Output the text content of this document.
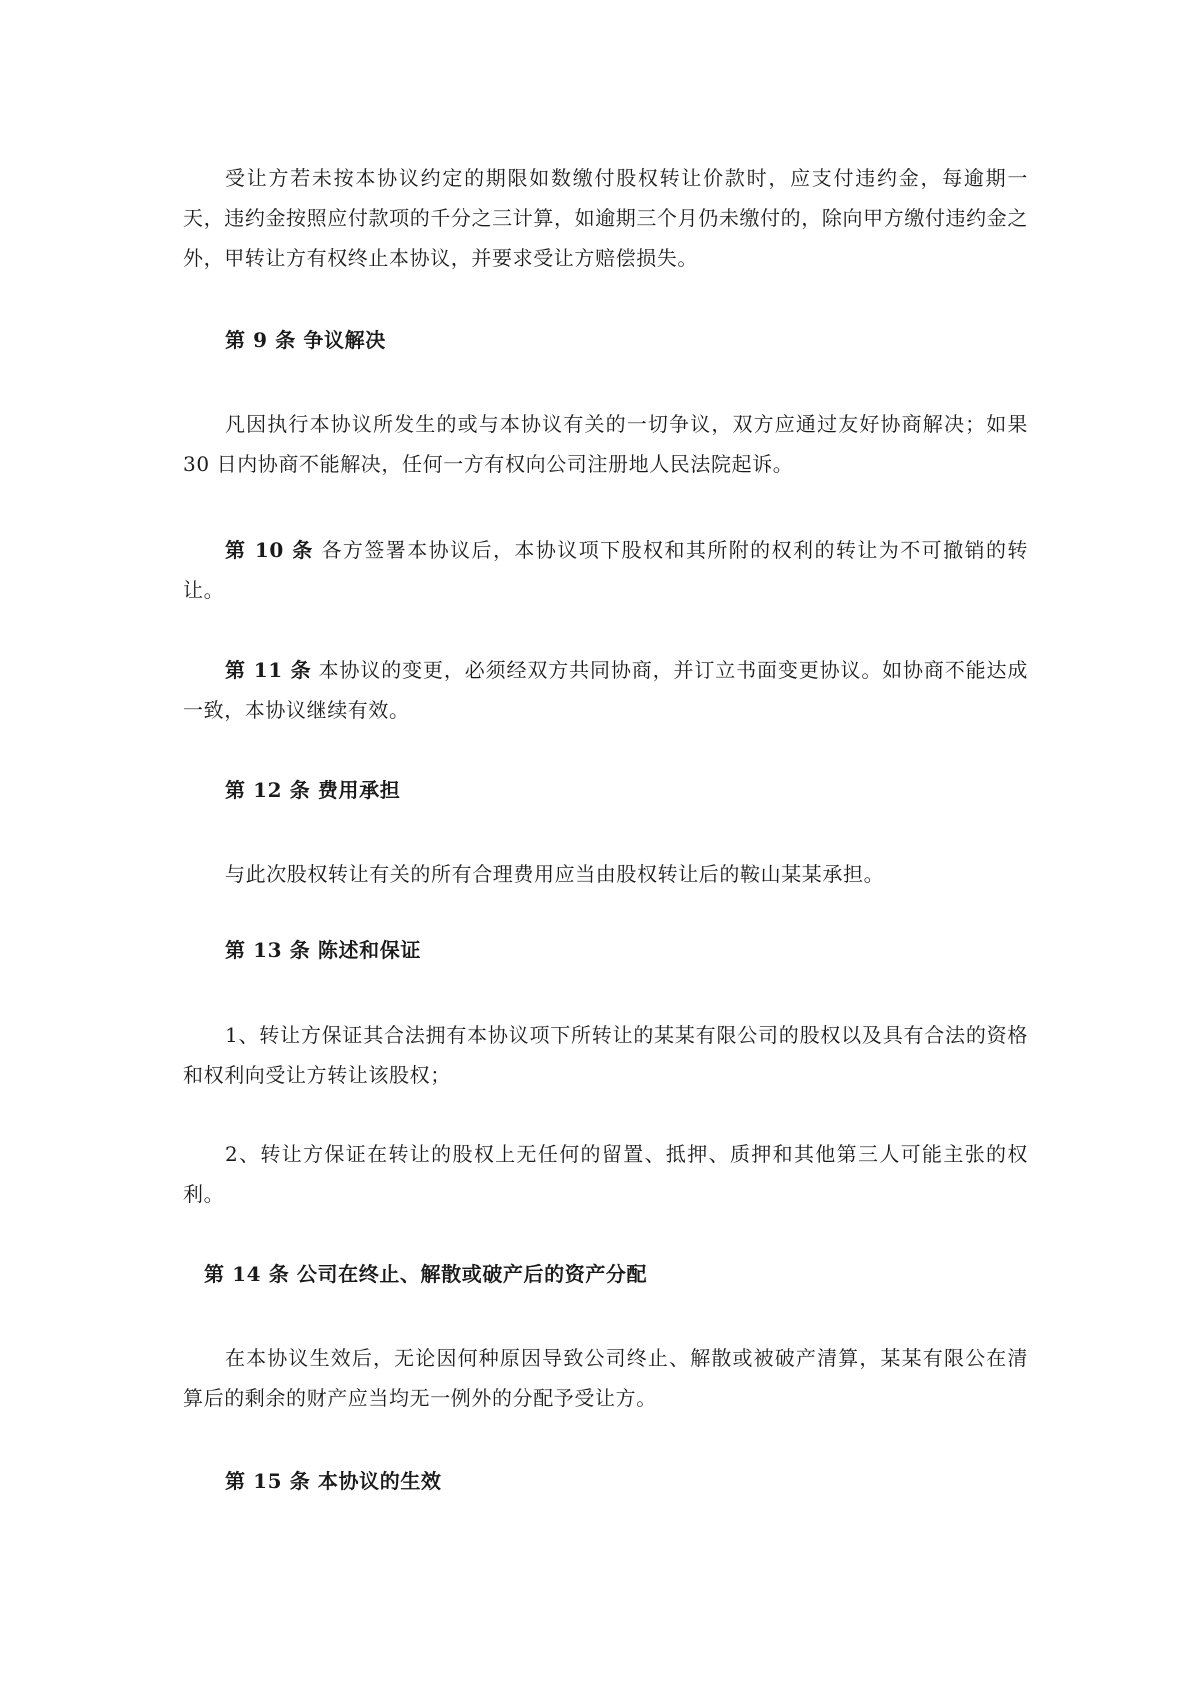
受让方若未按本协议约定的期限如数缴付股权转让价款时，应支付违约金，每逾期一天，违约金按照应付款项的千分之三计算，如逾期三个月仍未缴付的，除向甲方缴付违约金之外，甲转让方有权终止本协议，并要求受让方赔偿损失。

第 9 条 争议解决

凡因执行本协议所发生的或与本协议有关的一切争议，双方应通过友好协商解决；如果30 日内协商不能解决，任何一方有权向公司注册地人民法院起诉。

第 10 条 各方签署本协议后，本协议项下股权和其所附的权利的转让为不可撤销的转让。

第 11 条 本协议的变更，必须经双方共同协商，并订立书面变更协议。如协商不能达成一致，本协议继续有效。

第 12 条 费用承担

与此次股权转让有关的所有合理费用应当由股权转让后的鞍山某某承担。

第 13 条 陈述和保证

1、转让方保证其合法拥有本协议项下所转让的某某有限公司的股权以及具有合法的资格和权利向受让方转让该股权；

2、转让方保证在转让的股权上无任何的留置、抵押、质押和其他第三人可能主张的权利。

第 14 条 公司在终止、解散或破产后的资产分配

在本协议生效后，无论因何种原因导致公司终止、解散或被破产清算，某某有限公在清算后的剩余的财产应当均无一例外的分配予受让方。

第 15 条 本协议的生效
